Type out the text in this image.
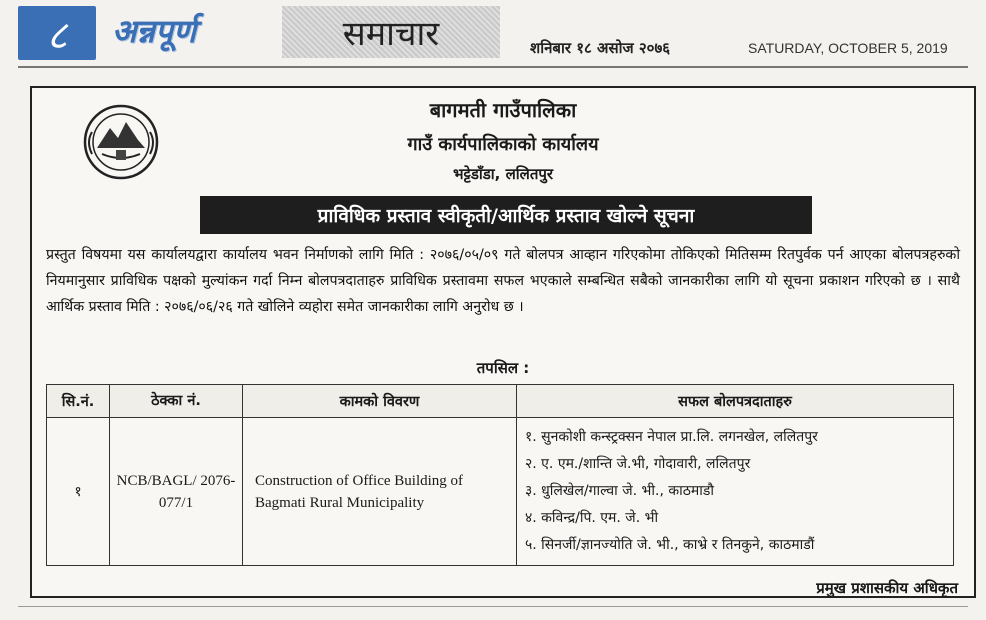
८	अन्नपूर्ण	समाचार	शनिबार १८ असोज २०७६	SATURDAY, OCTOBER 5, 2019
बागमती गाउँपालिका
गाउँ कार्यपालिकाको कार्यालय
भट्टेडाँडा, ललितपुर
प्राविधिक प्रस्ताव स्वीकृती/आर्थिक प्रस्ताव खोल्ने सूचना
प्रस्तुत विषयमा यस कार्यालयद्वारा कार्यालय भवन निर्माणको लागि मिति : २०७६/०५/०९ गते बोलपत्र आव्हान गरिएकोमा तोकिएको मितिसम्म रितपुर्वक पर्न आएका बोलपत्रहरुको नियमानुसार प्राविधिक पक्षको मुल्यांकन गर्दा निम्न बोलपत्रदाताहरु प्राविधिक प्रस्तावमा सफल भएकाले सम्बन्धित सबैको जानकारीका लागि यो सूचना प्रकाशन गरिएको छ । साथै आर्थिक प्रस्ताव मिति : २०७६/०६/२६ गते खोलिने व्यहोरा समेत जानकारीका लागि अनुरोध छ ।
तपसिल :
सि.नं.	ठेक्का नं.	कामको विवरण	सफल बोलपत्रदाताहरु
१	NCB/BAGL/ 2076-077/1	Construction of Office Building of Bagmati Rural Municipality	१. सुनकोशी कन्स्ट्रक्सन नेपाल प्रा.लि. लगनखेल, ललितपुर
२. ए. एम./शान्ति जे.भी, गोदावारी, ललितपुर
३. धुलिखेल/गाल्वा जे. भी., काठमाडौ
४. कविन्द्र/पि. एम. जे. भी
५. सिनर्जी/ज्ञानज्योति जे. भी., काभ्रे र तिनकुने, काठमाडौं
प्रमुख प्रशासकीय अधिकृत
